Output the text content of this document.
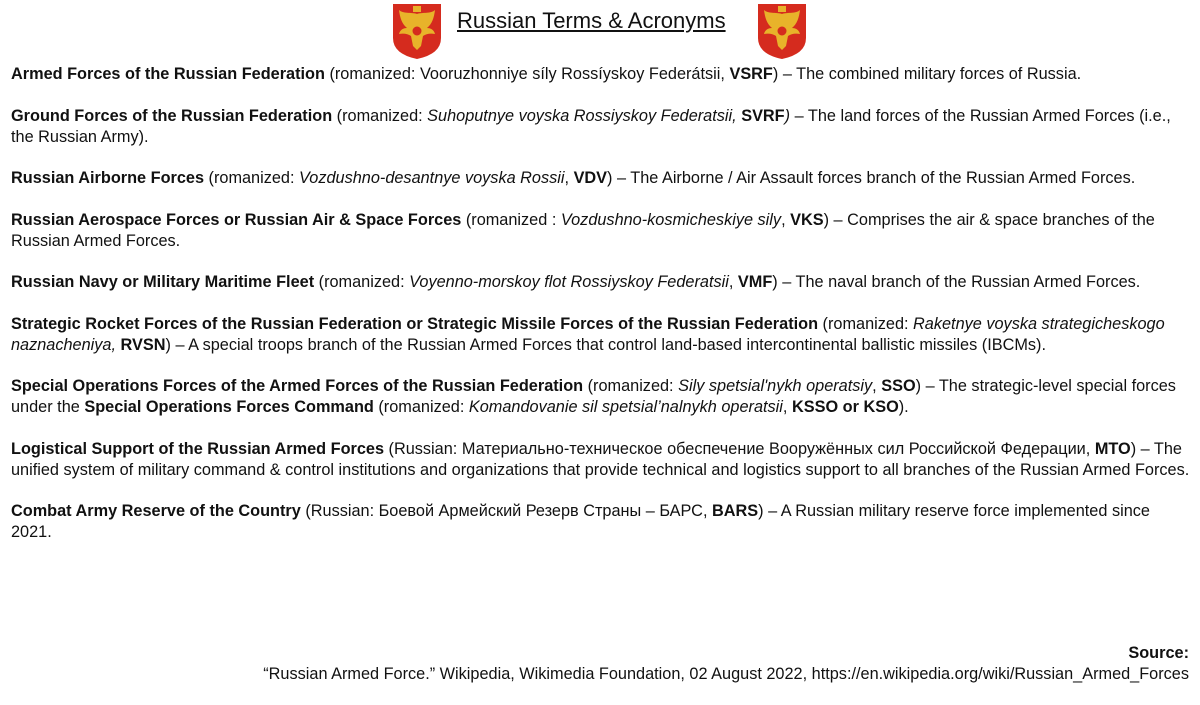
Russian Terms & Acronyms

Armed Forces of the Russian Federation (romanized: Vooruzhonniye síly Rossíyskoy Federátsii, VSRF) – The combined military forces of Russia.

Ground Forces of the Russian Federation (romanized: Suhoputnye voyska Rossiyskoy Federatsii, SVRF) – The land forces of the Russian Armed Forces (i.e., the Russian Army).

Russian Airborne Forces (romanized: Vozdushno-desantnye voyska Rossii, VDV) – The Airborne / Air Assault forces branch of the Russian Armed Forces.

Russian Aerospace Forces or Russian Air & Space Forces (romanized : Vozdushno-kosmicheskiye sily, VKS) – Comprises the air & space branches of the Russian Armed Forces.

Russian Navy or Military Maritime Fleet (romanized: Voyenno-morskoy flot Rossiyskoy Federatsii, VMF) – The naval branch of the Russian Armed Forces.

Strategic Rocket Forces of the Russian Federation or Strategic Missile Forces of the Russian Federation (romanized: Raketnye voyska strategicheskogo naznacheniya, RVSN) – A special troops branch of the Russian Armed Forces that control land-based intercontinental ballistic missiles (IBCMs).

Special Operations Forces of the Armed Forces of the Russian Federation (romanized: Sily spetsial'nykh operatsiy, SSO) – The strategic-level special forces under the Special Operations Forces Command (romanized: Komandovanie sil spetsial’nalnykh operatsii, KSSO or KSO).

Logistical Support of the Russian Armed Forces (Russian: Материально-техническое обеспечение Вооружённых сил Российской Федерации, MTO) – The unified system of military command & control institutions and organizations that provide technical and logistics support to all branches of the Russian Armed Forces.

Combat Army Reserve of the Country (Russian: Боевой Армейский Резерв Страны – БАРС, BARS) – A Russian military reserve force implemented since 2021.

Source:
“Russian Armed Force.” Wikipedia, Wikimedia Foundation, 02 August 2022, https://en.wikipedia.org/wiki/Russian_Armed_Forces
